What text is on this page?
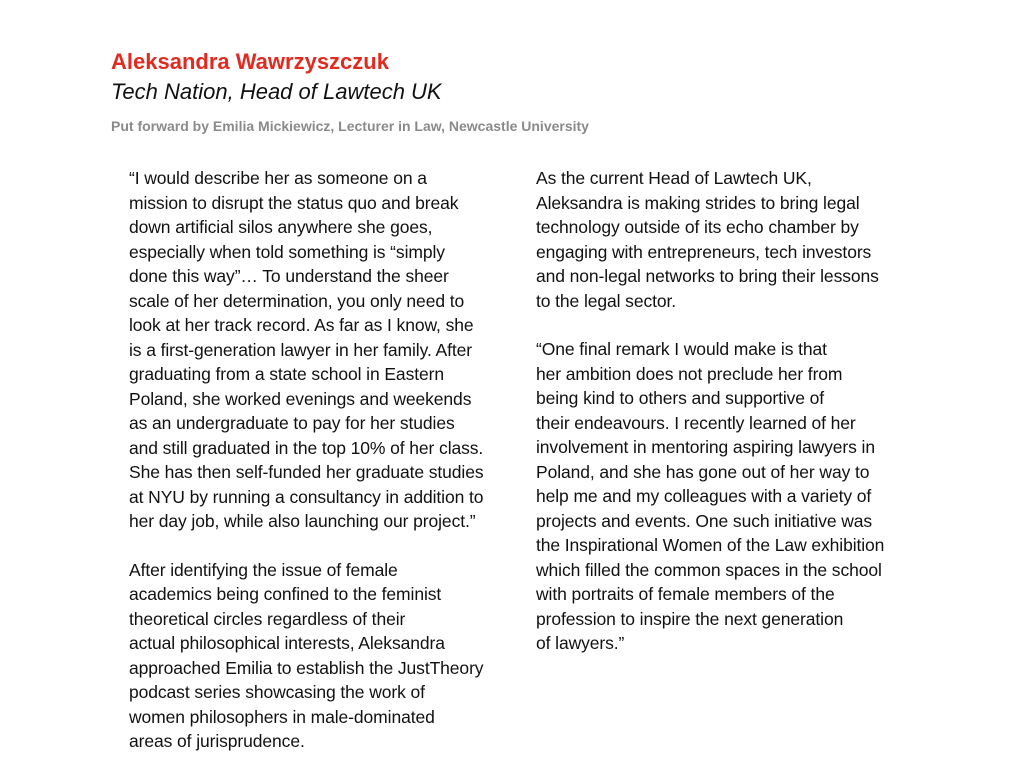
Aleksandra Wawrzyszczuk
Tech Nation, Head of Lawtech UK
Put forward by Emilia Mickiewicz, Lecturer in Law, Newcastle University

“I would describe her as someone on a
mission to disrupt the status quo and break
down artificial silos anywhere she goes,
especially when told something is “simply
done this way”… To understand the sheer
scale of her determination, you only need to
look at her track record. As far as I know, she
is a first-generation lawyer in her family. After
graduating from a state school in Eastern
Poland, she worked evenings and weekends
as an undergraduate to pay for her studies
and still graduated in the top 10% of her class.
She has then self-funded her graduate studies
at NYU by running a consultancy in addition to
her day job, while also launching our project.”

After identifying the issue of female
academics being confined to the feminist
theoretical circles regardless of their
actual philosophical interests, Aleksandra
approached Emilia to establish the JustTheory
podcast series showcasing the work of
women philosophers in male-dominated
areas of jurisprudence.

As the current Head of Lawtech UK,
Aleksandra is making strides to bring legal
technology outside of its echo chamber by
engaging with entrepreneurs, tech investors
and non-legal networks to bring their lessons
to the legal sector.

“One final remark I would make is that
her ambition does not preclude her from
being kind to others and supportive of
their endeavours. I recently learned of her
involvement in mentoring aspiring lawyers in
Poland, and she has gone out of her way to
help me and my colleagues with a variety of
projects and events. One such initiative was
the Inspirational Women of the Law exhibition
which filled the common spaces in the school
with portraits of female members of the
profession to inspire the next generation
of lawyers.”
